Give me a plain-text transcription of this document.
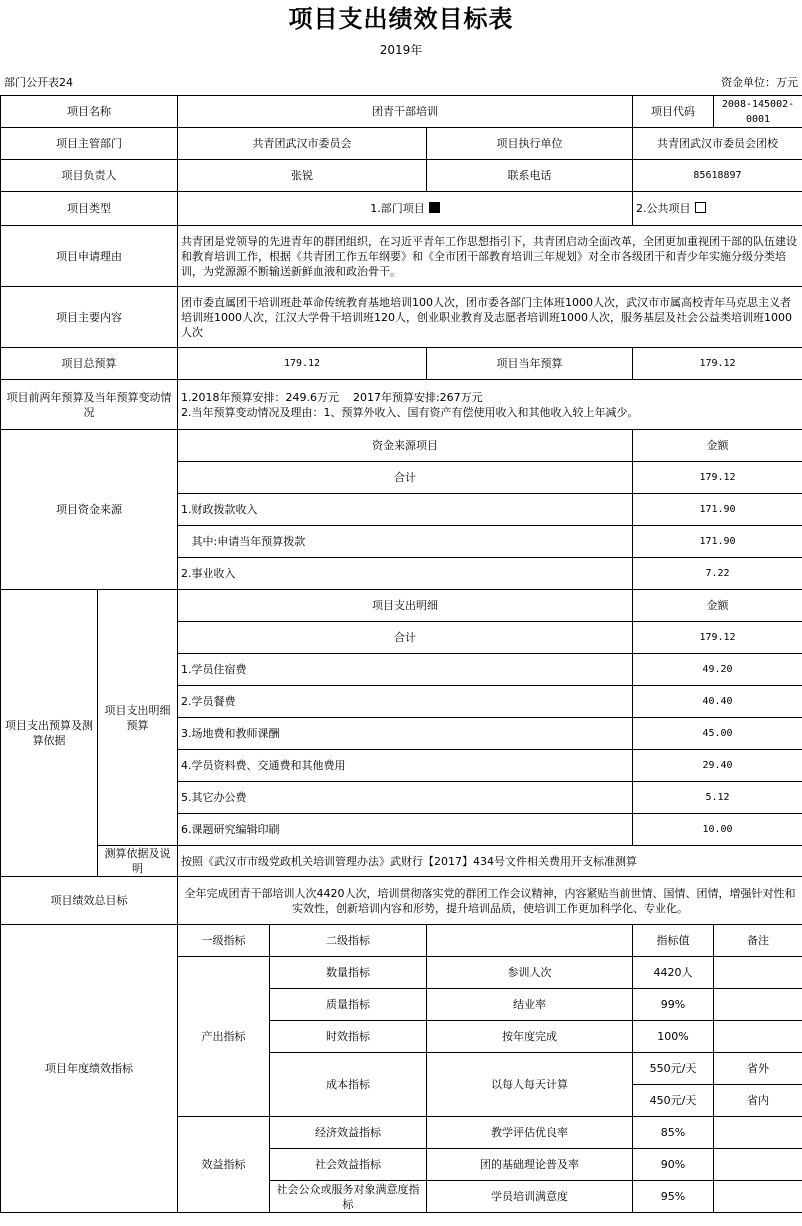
项目支出绩效目标表
2019年
部门公开表24	资金单位：万元
项目名称	团青干部培训	项目代码	2008-145002-0001
项目主管部门		共青团武汉市委员会		项目执行单位	共青团武汉市委员会团校	
项目负责人		张锐		联系电话	85618897	
项目类型		1.部门项目			2.公共项目	
项目申请理由		共青团是党领导的先进青年的群团组织，在习近平青年工作思想指引下，共青团启动全面改革，全团更加重视团干部的队伍建设和教育培训工作，根据《共青团工作五年纲要》和《全市团干部教育培训三年规划》对全市各级团干和青少年实施分级分类培训，为党源源不断输送新鲜血液和政治骨干。				
项目主要内容		团市委直属团干培训班赴革命传统教育基地培训100人次，团市委各部门主体班1000人次，武汉市市属高校青年马克思主义者培训班1000人次，江汉大学骨干培训班120人，创业职业教育及志愿者培训班1000人次，服务基层及社会公益类培训班1000人次				
项目总预算		179.12		项目当年预算	179.12	
项目前两年预算及当年预算变动情况		1.2018年预算安排：249.6万元    2017年预算安排:267万元
2.当年预算变动情况及理由：1、预算外收入、国有资产有偿使用收入和其他收入较上年减少。				

项目资金来源		资金来源项目			金额	
		合计			179.12	
		1.财政拨款收入			171.90	
		其中:申请当年预算拨款			171.90	
		2.事业收入			7.22	
项目支出预算及测算依据	项目支出明细预算	项目支出明细			金额	
		合计			179.12	
		1.学员住宿费			49.20	
		2.学员餐费			40.40	
		3.场地费和教师课酬			45.00	
		4.学员资料费、交通费和其他费用			29.40	
		5.其它办公费			5.12	
		6.课题研究编辑印刷			10.00	
	测算依据及说明	按照《武汉市市级党政机关培训管理办法》武财行【2017】434号文件相关费用开支标准测算				
项目绩效总目标		全年完成团青干部培训人次4420人次，培训贯彻落实党的群团工作会议精神，内容紧贴当前世情、国情、团情，增强针对性和实效性，创新培训内容和形势，提升培训品质，使培训工作更加科学化、专业化。				
项目年度绩效指标		一级指标	二级指标		指标值	备注
		产出指标	数量指标	参训人次	4420人	
			质量指标	结业率	99%	
			时效指标	按年度完成	100%	
			成本指标	以每人每天计算	550元/天	省外
					450元/天	省内
		效益指标	经济效益指标	教学评估优良率	85%	
			社会效益指标	团的基础理论普及率	90%	
			社会公众或服务对象满意度指标	学员培训满意度	95%	
